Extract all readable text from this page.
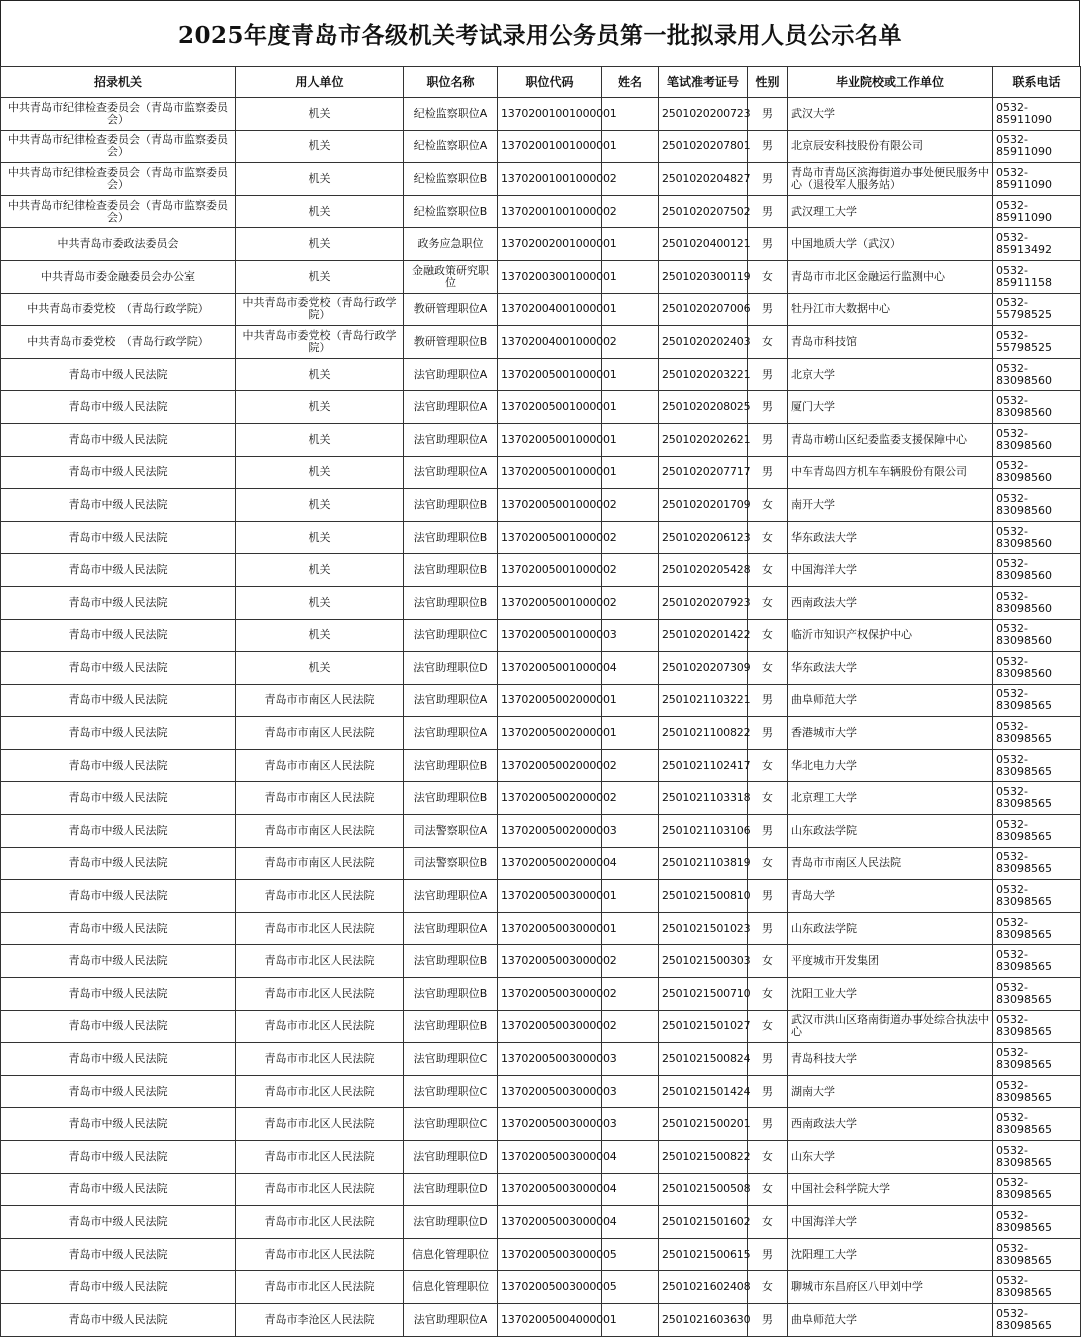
2025年度青岛市各级机关考试录用公务员第一批拟录用人员公示名单
招录机关	用人单位	职位名称	职位代码	姓名	笔试准考证号	性别	毕业院校或工作单位	联系电话
中共青岛市纪律检查委员会（青岛市监察委员会）	机关	纪检监察职位A	13702001001000001		2501020200723	男	武汉大学	0532-85911090
中共青岛市纪律检查委员会（青岛市监察委员会）	机关	纪检监察职位A	13702001001000001		2501020207801	男	北京辰安科技股份有限公司	0532-85911090
中共青岛市纪律检查委员会（青岛市监察委员会）	机关	纪检监察职位B	13702001001000002		2501020204827	男	青岛市青岛区滨海街道办事处便民服务中心（退役军人服务站）	0532-85911090
中共青岛市纪律检查委员会（青岛市监察委员会）	机关	纪检监察职位B	13702001001000002		2501020207502	男	武汉理工大学	0532-85911090
中共青岛市委政法委员会	机关	政务应急职位	13702002001000001		2501020400121	男	中国地质大学（武汉）	0532-85913492
中共青岛市委金融委员会办公室	机关	金融政策研究职位	13702003001000001		2501020300119	女	青岛市市北区金融运行监测中心	0532-85911158
中共青岛市委党校　（青岛行政学院）	中共青岛市委党校（青岛行政学院）	教研管理职位A	13702004001000001		2501020207006	男	牡丹江市大数据中心	0532-55798525
中共青岛市委党校　（青岛行政学院）	中共青岛市委党校（青岛行政学院）	教研管理职位B	13702004001000002		2501020202403	女	青岛市科技馆	0532-55798525
青岛市中级人民法院	机关	法官助理职位A	13702005001000001		2501020203221	男	北京大学	0532-83098560
青岛市中级人民法院	机关	法官助理职位A	13702005001000001		2501020208025	男	厦门大学	0532-83098560
青岛市中级人民法院	机关	法官助理职位A	13702005001000001		2501020202621	男	青岛市崂山区纪委监委支援保障中心	0532-83098560
青岛市中级人民法院	机关	法官助理职位A	13702005001000001		2501020207717	男	中车青岛四方机车车辆股份有限公司	0532-83098560
青岛市中级人民法院	机关	法官助理职位B	13702005001000002		2501020201709	女	南开大学	0532-83098560
青岛市中级人民法院	机关	法官助理职位B	13702005001000002		2501020206123	女	华东政法大学	0532-83098560
青岛市中级人民法院	机关	法官助理职位B	13702005001000002		2501020205428	女	中国海洋大学	0532-83098560
青岛市中级人民法院	机关	法官助理职位B	13702005001000002		2501020207923	女	西南政法大学	0532-83098560
青岛市中级人民法院	机关	法官助理职位C	13702005001000003		2501020201422	女	临沂市知识产权保护中心	0532-83098560
青岛市中级人民法院	机关	法官助理职位D	13702005001000004		2501020207309	女	华东政法大学	0532-83098560
青岛市中级人民法院	青岛市市南区人民法院	法官助理职位A	13702005002000001		2501021103221	男	曲阜师范大学	0532-83098565
青岛市中级人民法院	青岛市市南区人民法院	法官助理职位A	13702005002000001		2501021100822	男	香港城市大学	0532-83098565
青岛市中级人民法院	青岛市市南区人民法院	法官助理职位B	13702005002000002		2501021102417	女	华北电力大学	0532-83098565
青岛市中级人民法院	青岛市市南区人民法院	法官助理职位B	13702005002000002		2501021103318	女	北京理工大学	0532-83098565
青岛市中级人民法院	青岛市市南区人民法院	司法警察职位A	13702005002000003		2501021103106	男	山东政法学院	0532-83098565
青岛市中级人民法院	青岛市市南区人民法院	司法警察职位B	13702005002000004		2501021103819	女	青岛市市南区人民法院	0532-83098565
青岛市中级人民法院	青岛市市北区人民法院	法官助理职位A	13702005003000001		2501021500810	男	青岛大学	0532-83098565
青岛市中级人民法院	青岛市市北区人民法院	法官助理职位A	13702005003000001		2501021501023	男	山东政法学院	0532-83098565
青岛市中级人民法院	青岛市市北区人民法院	法官助理职位B	13702005003000002		2501021500303	女	平度城市开发集团	0532-83098565
青岛市中级人民法院	青岛市市北区人民法院	法官助理职位B	13702005003000002		2501021500710	女	沈阳工业大学	0532-83098565
青岛市中级人民法院	青岛市市北区人民法院	法官助理职位B	13702005003000002		2501021501027	女	武汉市洪山区珞南街道办事处综合执法中心	0532-83098565
青岛市中级人民法院	青岛市市北区人民法院	法官助理职位C	13702005003000003		2501021500824	男	青岛科技大学	0532-83098565
青岛市中级人民法院	青岛市市北区人民法院	法官助理职位C	13702005003000003		2501021501424	男	湖南大学	0532-83098565
青岛市中级人民法院	青岛市市北区人民法院	法官助理职位C	13702005003000003		2501021500201	男	西南政法大学	0532-83098565
青岛市中级人民法院	青岛市市北区人民法院	法官助理职位D	13702005003000004		2501021500822	女	山东大学	0532-83098565
青岛市中级人民法院	青岛市市北区人民法院	法官助理职位D	13702005003000004		2501021500508	女	中国社会科学院大学	0532-83098565
青岛市中级人民法院	青岛市市北区人民法院	法官助理职位D	13702005003000004		2501021501602	女	中国海洋大学	0532-83098565
青岛市中级人民法院	青岛市市北区人民法院	信息化管理职位	13702005003000005		2501021500615	男	沈阳理工大学	0532-83098565
青岛市中级人民法院	青岛市市北区人民法院	信息化管理职位	13702005003000005		2501021602408	女	聊城市东昌府区八甲刘中学	0532-83098565
青岛市中级人民法院	青岛市李沧区人民法院	法官助理职位A	13702005004000001		2501021603630	男	曲阜师范大学	0532-83098565
